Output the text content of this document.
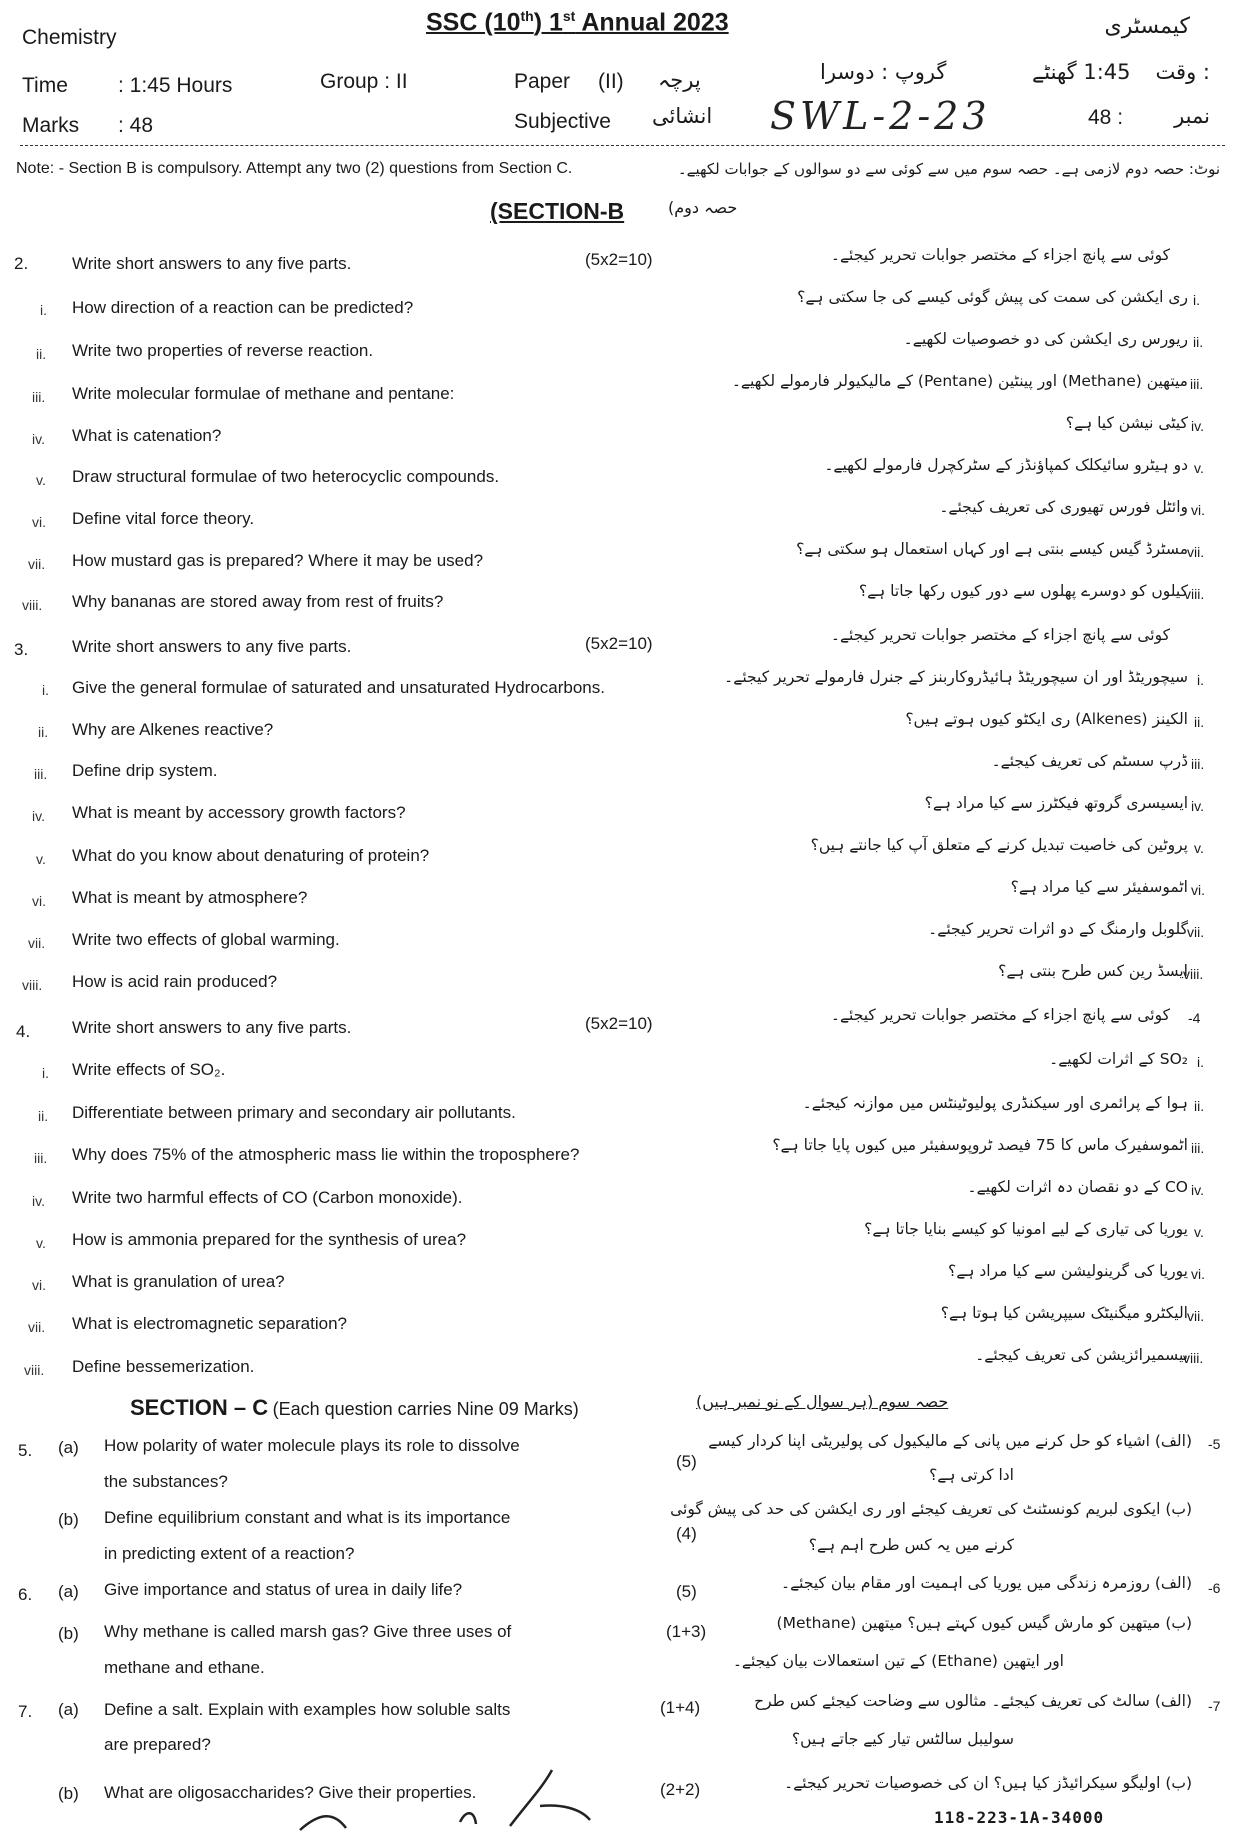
Chemistry
SSC (10th) 1st Annual 2023	کیمسٹری
Time : 1:45 Hours	Group : II	Paper (II) پرچہ	گروپ : دوسرا	1:45 گھنٹے : وقت
Marks : 48	Subjective انشائی SWL-2-23	48 : نمبر
Note: - Section B is compulsory. Attempt any two (2) questions from Section C.	نوٹ: حصہ دوم لازمی ہے۔ حصہ سوم میں سے کوئی سے دو سوالوں کے جوابات لکھیے۔
(SECTION-B	حصہ دوم)
2.	Write short answers to any five parts.	(5x2=10)	کوئی سے پانچ اجزاء کے مختصر جوابات تحریر کیجئے۔
i. How direction of a reaction can be predicted?
ری ایکشن کی سمت کی پیش گوئی کیسے کی جا سکتی ہے؟ i.
ii. Write two properties of reverse reaction.
ریورس ری ایکشن کی دو خصوصیات لکھیے۔ ii.
iii. Write molecular formulae of methane and pentane:
میتھین (Methane) اور پینٹین (Pentane) کے مالیکیولر فارمولے لکھیے۔ iii.
iv. What is catenation?
کیٹی نیشن کیا ہے؟ iv.
v. Draw structural formulae of two heterocyclic compounds.
دو ہیٹرو سائیکلک کمپاؤنڈز کے سٹرکچرل فارمولے لکھیے۔ v.
vi. Define vital force theory.
وائٹل فورس تھیوری کی تعریف کیجئے۔ vi.
vii. How mustard gas is prepared? Where it may be used?
مسٹرڈ گیس کیسے بنتی ہے اور کہاں استعمال ہو سکتی ہے؟ vii.
viii. Why bananas are stored away from rest of fruits?
کیلوں کو دوسرے پھلوں سے دور کیوں رکھا جاتا ہے؟
viii.
3.	Write short answers to any five parts.	(5x2=10)	کوئی سے پانچ اجزاء کے مختصر جوابات تحریر کیجئے۔
i. Give the general formulae of saturated and unsaturated Hydrocarbons.
سیچوریٹڈ اور ان سیچوریٹڈ ہائیڈروکاربنز کے جنرل فارمولے تحریر کیجئے۔ i.
ii. Why are Alkenes reactive?
الکینز (Alkenes) ری ایکٹو کیوں ہوتے ہیں؟ ii.
iii. Define drip system.	ڈرپ سسٹم کی تعریف کیجئے۔ iii.
iv. What is meant by accessory growth factors?	ایسیسری گروتھ فیکٹرز سے کیا مراد ہے؟ iv.
v. What do you know about denaturing of protein?
پروٹین کی خاصیت تبدیل کرنے کے متعلق آپ کیا جانتے ہیں؟ v.
vi. What is meant by atmosphere?
اٹموسفیئر سے کیا مراد ہے؟ vi.
vii. Write two effects of global warming.
گلوبل وارمنگ کے دو اثرات تحریر کیجئے۔ vii.
viii. How is acid rain produced?
ایسڈ رین کس طرح بنتی ہے؟
viii.
4. Write short answers to any five parts.	(5x2=10)	کوئی سے پانچ اجزاء کے مختصر جوابات تحریر کیجئے۔ -4
i. Write effects of SO₂.
SO₂ کے اثرات لکھیے۔ i.
ii. Differentiate between primary and secondary air pollutants.	ہوا کے پرائمری اور سیکنڈری پولیوٹینٹس میں موازنہ کیجئے۔ ii.
iii. Why does 75% of the atmospheric mass lie within the troposphere?	اٹموسفیرک ماس کا 75 فیصد ٹروپوسفیئر میں کیوں پایا جاتا ہے؟ iii.
iv. Write two harmful effects of CO (Carbon monoxide).
CO کے دو نقصان دہ اثرات لکھیے۔ iv.
v. How is ammonia prepared for the synthesis of urea?
یوریا کی تیاری کے لیے امونیا کو کیسے بنایا جاتا ہے؟ v.
vi. What is granulation of urea?
یوریا کی گرینولیشن سے کیا مراد ہے؟ vi.
vii. What is electromagnetic separation?
الیکٹرو میگنیٹک سیپریشن کیا ہوتا ہے؟ vii.
viii. Define bessemerization.
بیسمیرائزیشن کی تعریف کیجئے۔
viii.
SECTION – C (Each question carries Nine 09 Marks)	حصہ سوم (ہر سوال کے نو نمبر ہیں)
5. (a) How polarity of water molecule plays its role to dissolve
the substances?
(5)
(الف) اشیاء کو حل کرنے میں پانی کے مالیکیول کی پولیریٹی اپنا کردار کیسے
ادا کرتی ہے؟
-5
(b) Define equilibrium constant and what is its importance
in predicting extent of a reaction?
(4)
(ب) ایکوی لبریم کونسٹنٹ کی تعریف کیجئے اور ری ایکشن کی حد کی پیش گوئی
کرنے میں یہ کس طرح اہم ہے؟
6. (a) Give importance and status of urea in daily life?	(5)	(الف) روزمرہ زندگی میں یوریا کی اہمیت اور مقام بیان کیجئے۔	-6
(b) Why methane is called marsh gas? Give three uses of
methane and ethane.
(1+3)	(ب) میتھین کو مارش گیس کیوں کہتے ہیں؟ میتھین (Methane)
اور ایتھین (Ethane) کے تین استعمالات بیان کیجئے۔
7. (a) Define a salt. Explain with examples how soluble salts
are prepared?
(1+4)	(الف) سالٹ کی تعریف کیجئے۔ مثالوں سے وضاحت کیجئے کس طرح
سولیبل سالٹس تیار کیے جاتے ہیں؟
-7
(b) What are oligosaccharides? Give their properties.	(2+2)	(ب) اولیگو سیکرائیڈز کیا ہیں؟ ان کی خصوصیات تحریر کیجئے۔
118-223-1A-34000
